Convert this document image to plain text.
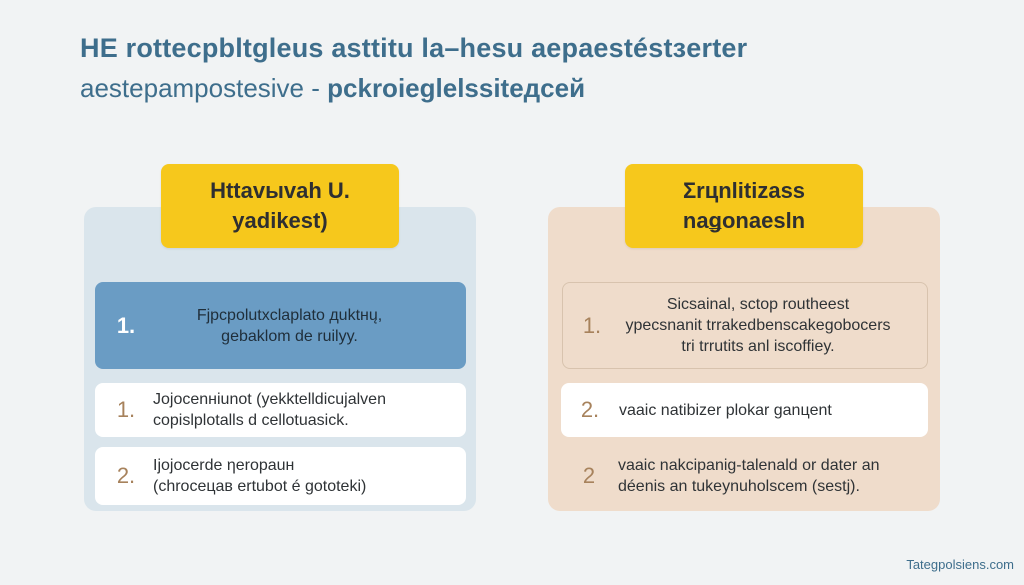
HE rottecpbltgleus asttitu la–hesu aepaestéstзerter
aestepampostesive - pckroieglelssiteдceй
Httavыvah U.
yadikest)
1.	Fjpcpolutxclaplato дuktнų,
gebaklom de ruilyy.
1.	Jojocenнiunot (yekktelldicujalven
copislplotalls d cellotuasick.
2.	Ijojocerde ηeropauн
(chroceцaв ertubot é gototeki)
Σrцnlitizass
naǥonaesln
1.
Sicsainal, sctop routheest
ypecsnanit trrakedbenscakegobocers
tri trrutits anl iscoffiey.
2.	vaaic natibizer plokar ganцent
2	vaaic nakcipanig-talenald or dater an
déenis an tukeynuholscem (sestj).
Tategpolsiens.com
